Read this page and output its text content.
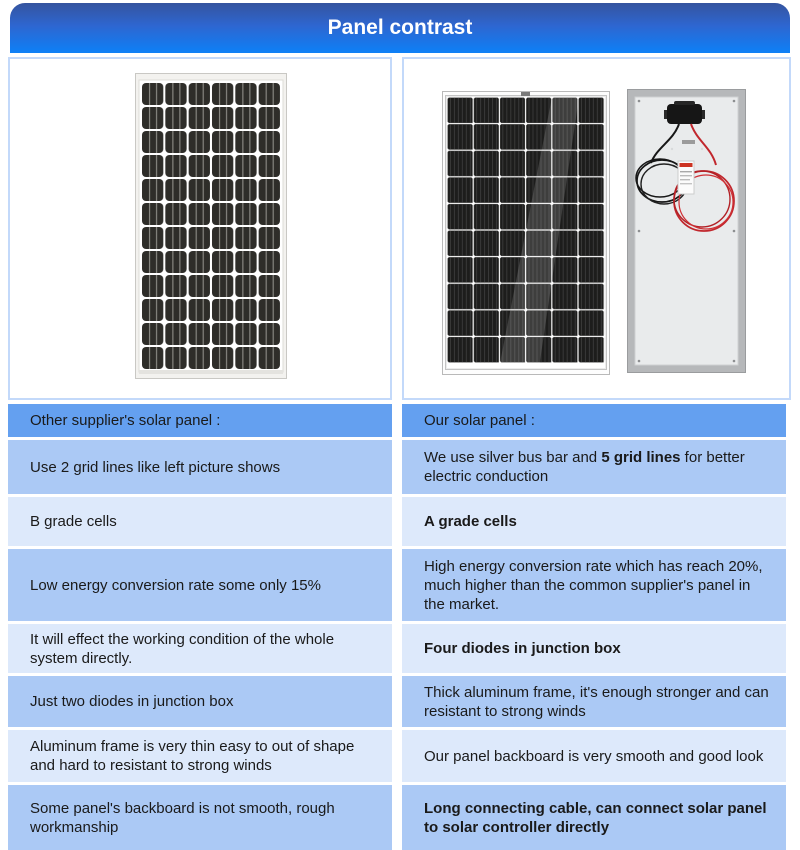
Panel contrast
Other supplier's solar panel :	Our solar panel :
Use 2 grid lines like left picture shows
We use silver bus bar and 5 grid lines for better electric conduction
B grade cells	A grade cells
Low energy conversion rate some only 15%
High energy conversion rate which has reach 20%, much higher than the common supplier's panel in the market.
It will effect the working condition of the whole system directly.
Four diodes in junction box
Just two diodes in junction box
Thick aluminum frame, it's enough stronger and can resistant to strong winds
Aluminum frame is very thin easy to out of shape and hard to resistant to strong winds
Our panel backboard is very smooth and good look
Some panel's backboard is not smooth, rough workmanship
Long connecting cable, can connect solar panel to solar controller directly
